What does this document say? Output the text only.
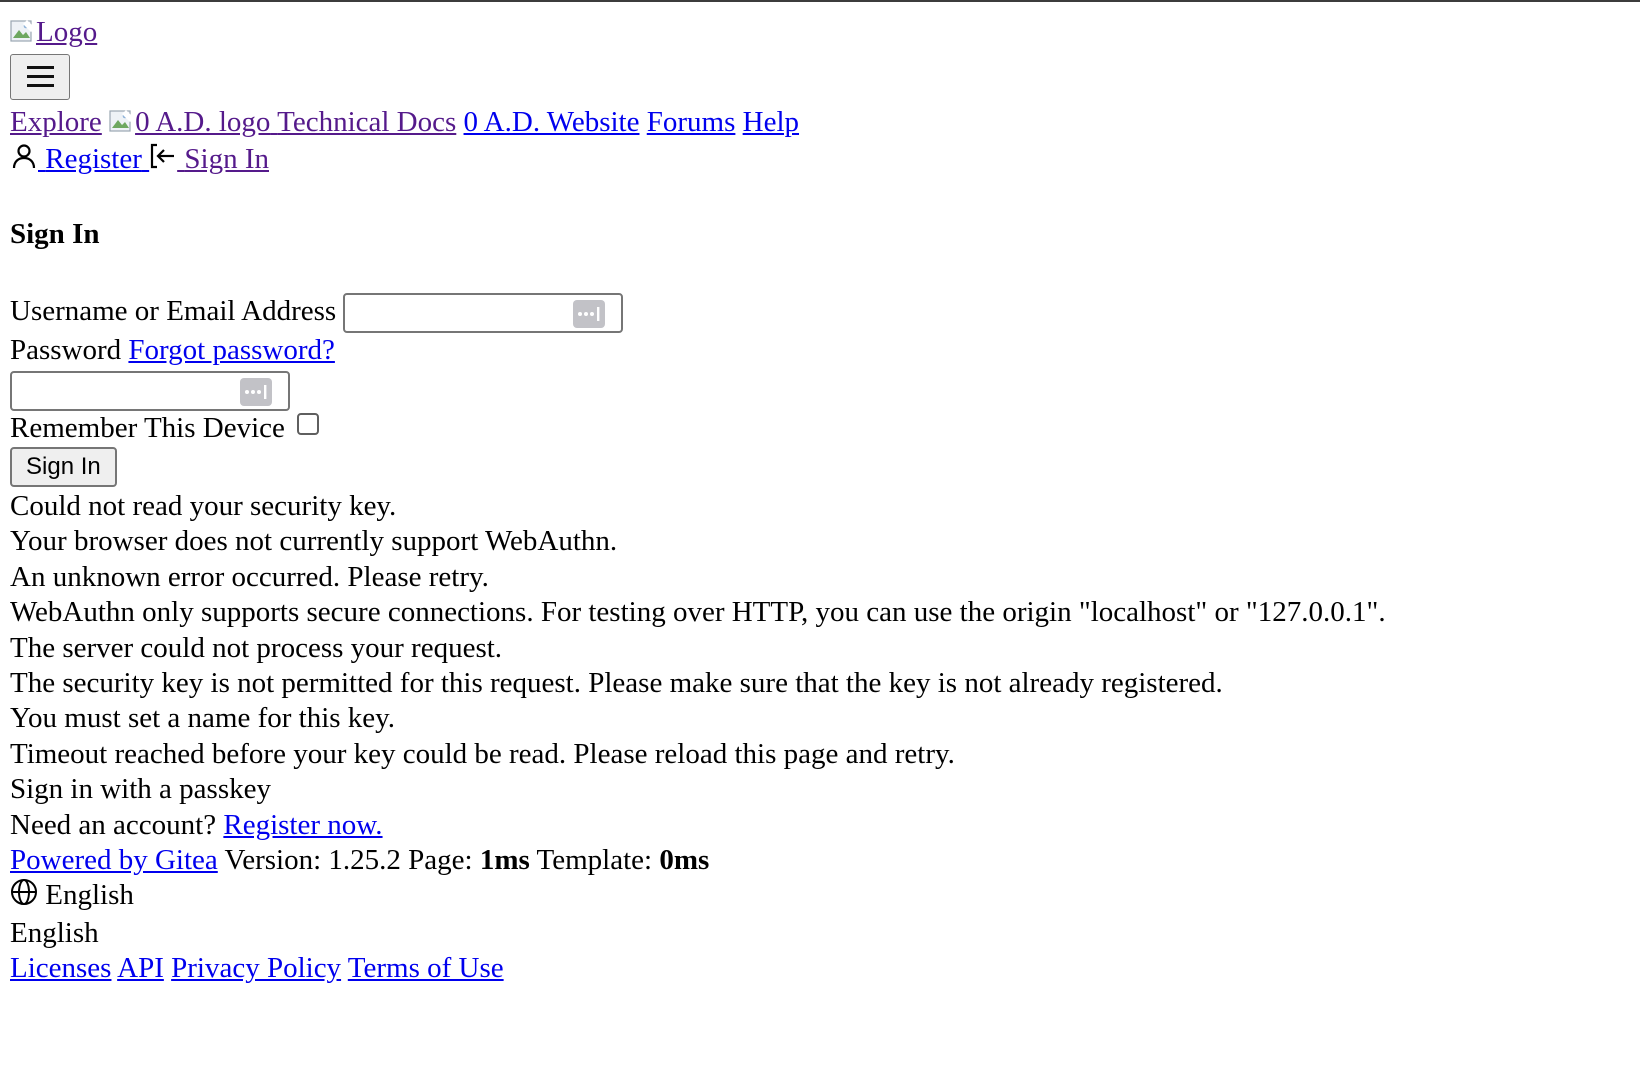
Logo
Explore 0 A.D. logo Technical Docs 0 A.D. Website Forums Help
Register Sign In
Sign In
Username or Email Address
Password Forgot password?
Remember This Device
Sign In
Could not read your security key.
Your browser does not currently support WebAuthn.
An unknown error occurred. Please retry.
WebAuthn only supports secure connections. For testing over HTTP, you can use the origin "localhost" or "127.0.0.1".
The server could not process your request.
The security key is not permitted for this request. Please make sure that the key is not already registered.
You must set a name for this key.
Timeout reached before your key could be read. Please reload this page and retry.
Sign in with a passkey
Need an account? Register now.
Powered by Gitea Version: 1.25.2 Page: 1ms Template: 0ms
English
English
Licenses API Privacy Policy Terms of Use
